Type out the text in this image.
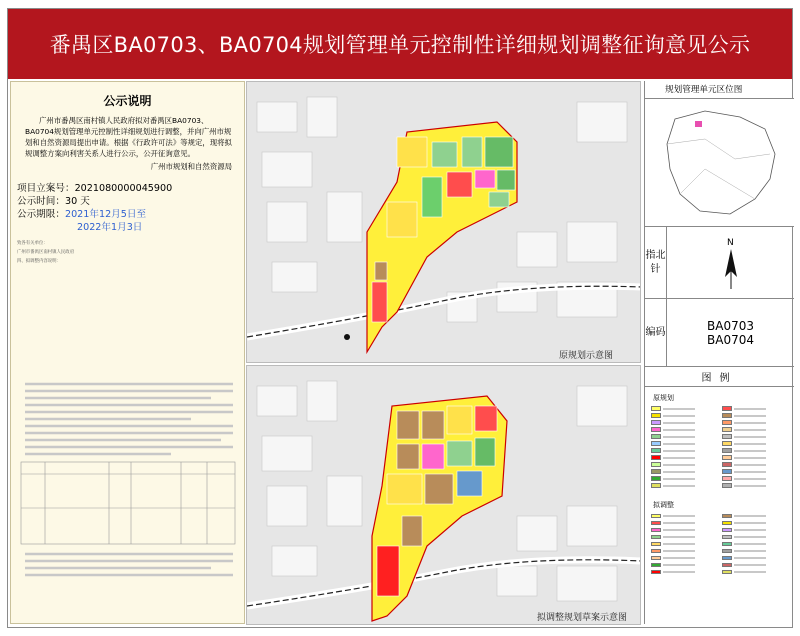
番禺区BA0703、BA0704规划管理单元控制性详细规划调整征询意见公示
公示说明
广州市番禺区南村镇人民政府拟对番禺区BA0703、BA0704规划管理单元控制性详细规划进行调整，并向广州市规划和自然资源局提出申请。根据《行政许可法》等规定，现将拟规调整方案向利害关系人进行公示，公开征询意见。
广州市规划和自然资源局
项目立案号：2021080000045900
公示时间：30 天
公示期限：2021年12月5日至
2022年1月3日

致各有关单位：

广州市番禺区南村镇人民政府

四、拟调整内容说明：

原规划示意图
拟调整规划草案示意图
规划管理单元区位图
指北针
N
编码	BA0703
BA0704
图例
原规划
拟调整
